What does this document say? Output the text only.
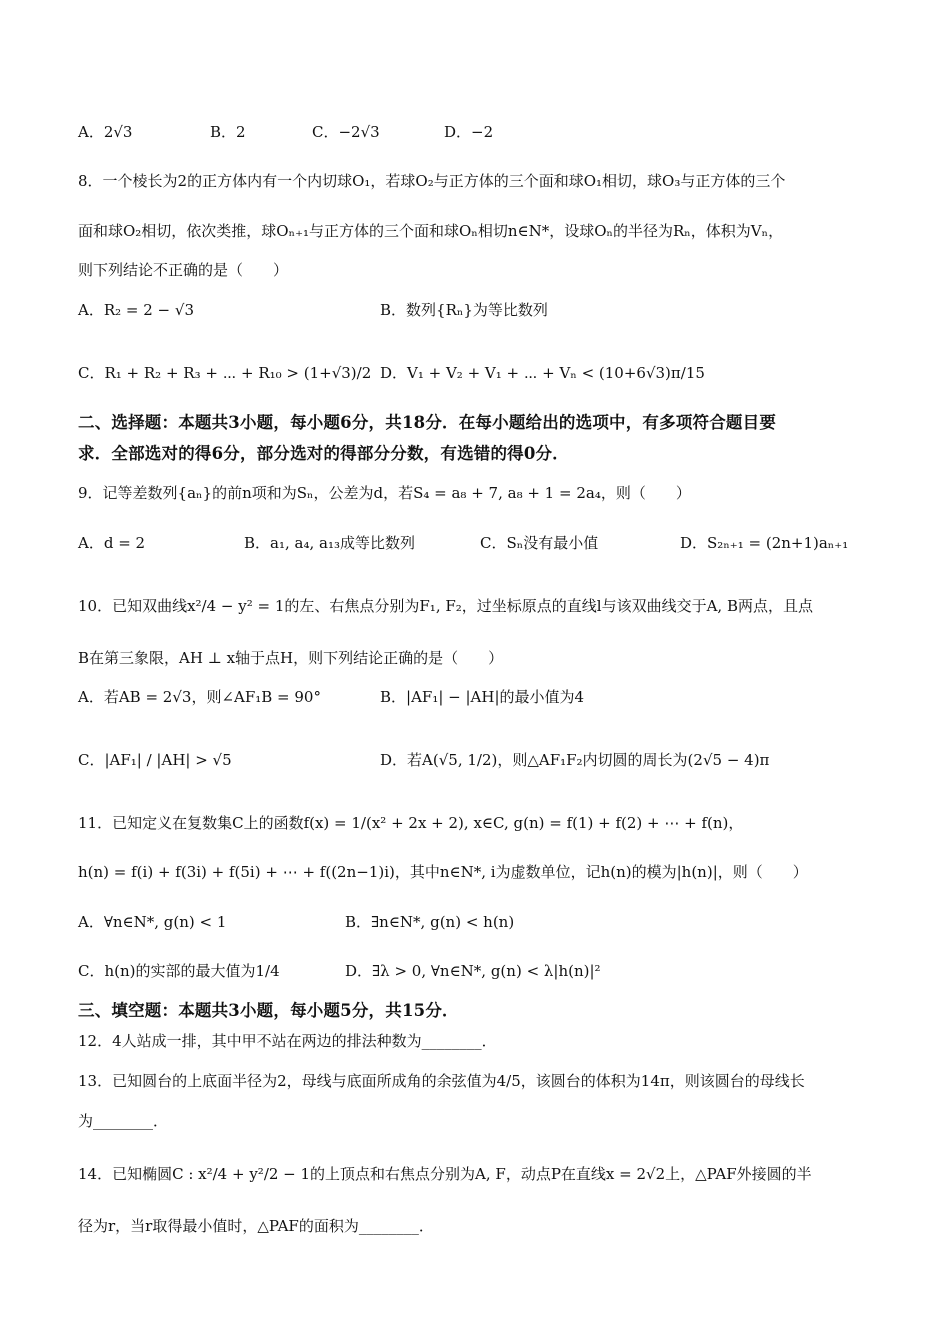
A．2√3	B．2	C．−2√3	D．−2
8．一个棱长为2的正方体内有一个内切球O₁，若球O₂与正方体的三个面和球O₁相切，球O₃与正方体的三个
面和球O₂相切，依次类推，球Oₙ₊₁与正方体的三个面和球Oₙ相切n∈N*，设球Oₙ的半径为Rₙ，体积为Vₙ，
则下列结论不正确的是（　　）
A．R₂ = 2 − √3	B．数列{Rₙ}为等比数列
C．R₁ + R₂ + R₃ + ⋯ + R₁₀ > (1+√3)/2 D．V₁ + V₂ + V₁ + ⋯ + Vₙ < (10+6√3)π/15
二、选择题：本题共3小题，每小题6分，共18分．在每小题给出的选项中，有多项符合题目要
求．全部选对的得6分，部分选对的得部分分数，有选错的得0分．
9．记等差数列{aₙ}的前n项和为Sₙ，公差为d，若S₄ = a₈ + 7, a₈ + 1 = 2a₄，则（　　）
A．d = 2	B．a₁, a₄, a₁₃成等比数列	C．Sₙ没有最小值	D．S₂ₙ₊₁ = (2n+1)aₙ₊₁
10．已知双曲线x²/4 − y² = 1的左、右焦点分别为F₁, F₂，过坐标原点的直线l与该双曲线交于A, B两点，且点
B在第三象限，AH ⊥ x轴于点H，则下列结论正确的是（　　）
A．若AB = 2√3，则∠AF₁B = 90°	B．|AF₁| − |AH|的最小值为4
C．|AF₁| / |AH| > √5	D．若A(√5, 1/2)，则△AF₁F₂内切圆的周长为(2√5 − 4)π
11．已知定义在复数集C上的函数f(x) = 1/(x² + 2x + 2), x∈C, g(n) = f(1) + f(2) + ⋯ + f(n)，
h(n) = f(i) + f(3i) + f(5i) + ⋯ + f((2n−1)i)，其中n∈N*, i为虚数单位，记h(n)的模为|h(n)|，则（　　）
A．∀n∈N*, g(n) < 1	B．∃n∈N*, g(n) < h(n)
C．h(n)的实部的最大值为1/4	D．∃λ > 0, ∀n∈N*, g(n) < λ|h(n)|²
三、填空题：本题共3小题，每小题5分，共15分．
12．4人站成一排，其中甲不站在两边的排法种数为________．
13．已知圆台的上底面半径为2，母线与底面所成角的余弦值为4/5，该圆台的体积为14π，则该圆台的母线长
为________．
14．已知椭圆C : x²/4 + y²/2 − 1的上顶点和右焦点分别为A, F，动点P在直线x = 2√2上，△PAF外接圆的半
径为r，当r取得最小值时，△PAF的面积为________．
